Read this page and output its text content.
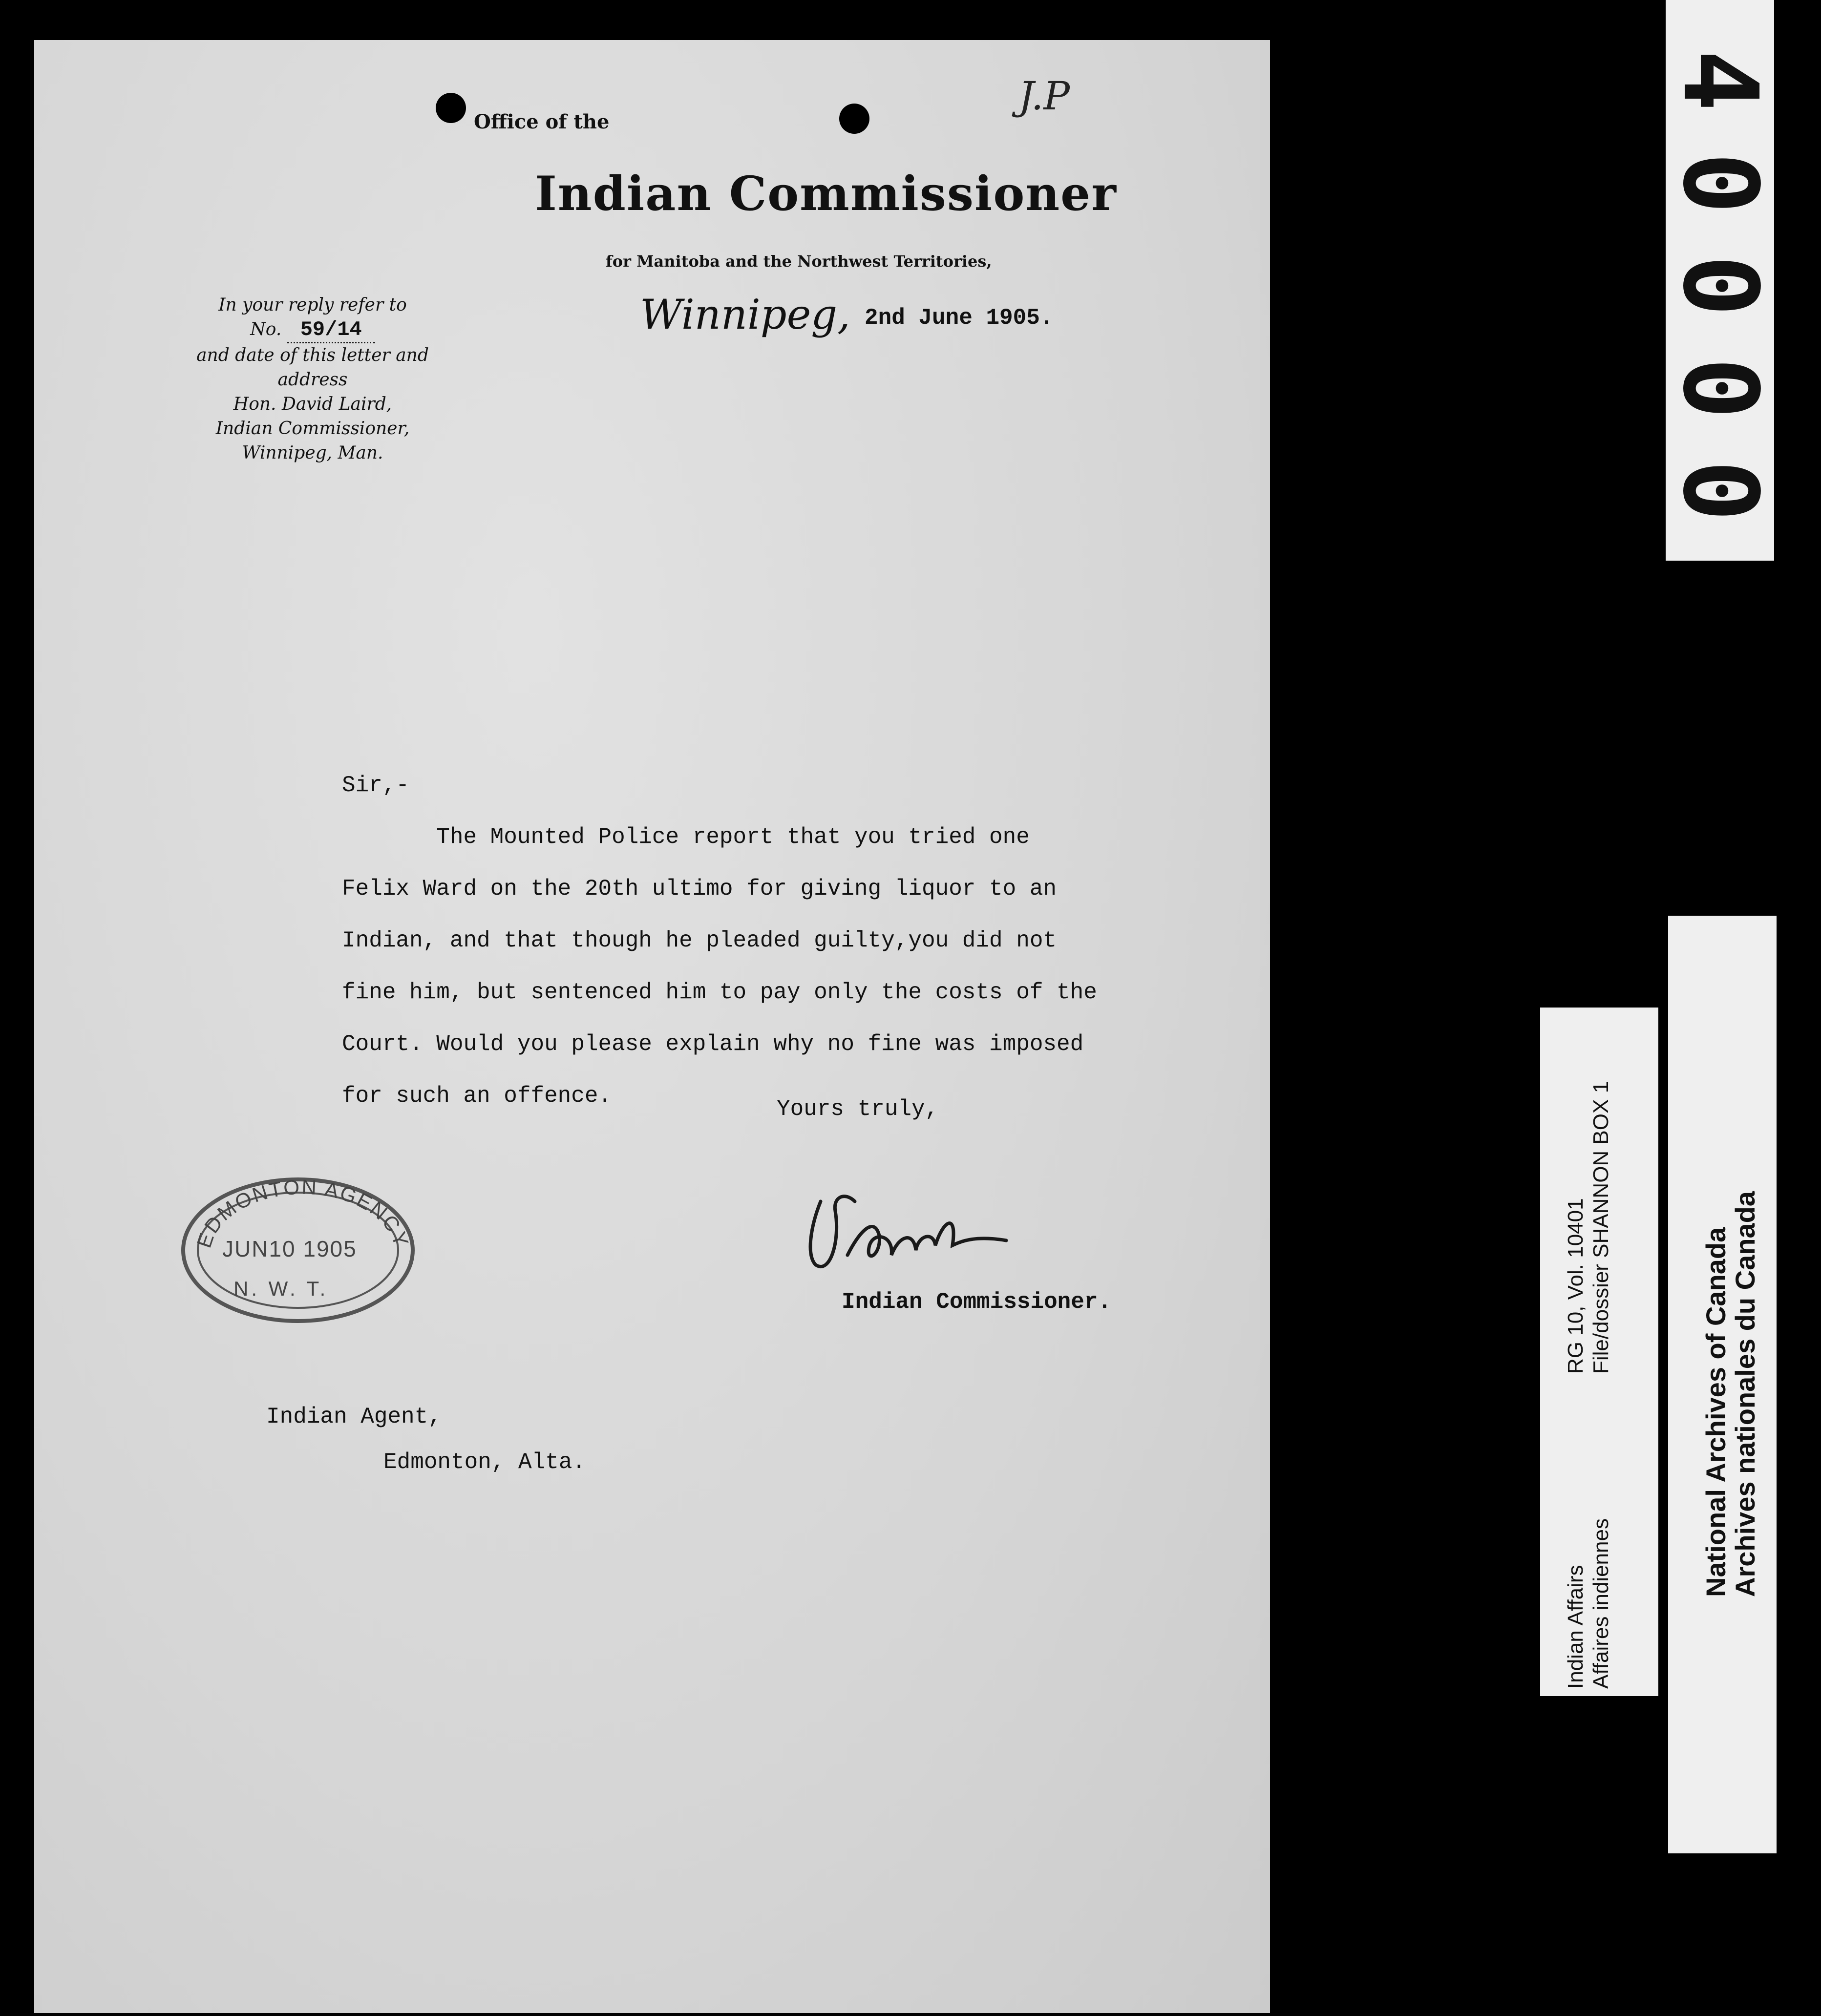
Office of the
Indian Commissioner
for Manitoba and the Northwest Territories,
Winnipeg, 2nd June 1905.
J.P
In your reply refer to
No. 59/14
and date of this letter and
address
Hon. David Laird,
Indian Commissioner,
Winnipeg, Man.

Sir,-

The Mounted Police report that you tried one

Felix Ward on the 20th ultimo for giving liquor to an

Indian, and that though he pleaded guilty,you did not

fine him, but sentenced him to pay only the costs of the

Court. Would you please explain why no fine was imposed

for such an offence.

Yours truly,
Indian Commissioner.
Indian Agent,
Edmonton, Alta.
EDMONTON AGENCY
JUN10 1905
N. W. T.
4
0
0
0
0
Indian Affairs Affaires indiennes
RG 10, Vol. 10401 File/dossier SHANNON BOX 1	National Archives of Canada
Archives nationales du Canada
